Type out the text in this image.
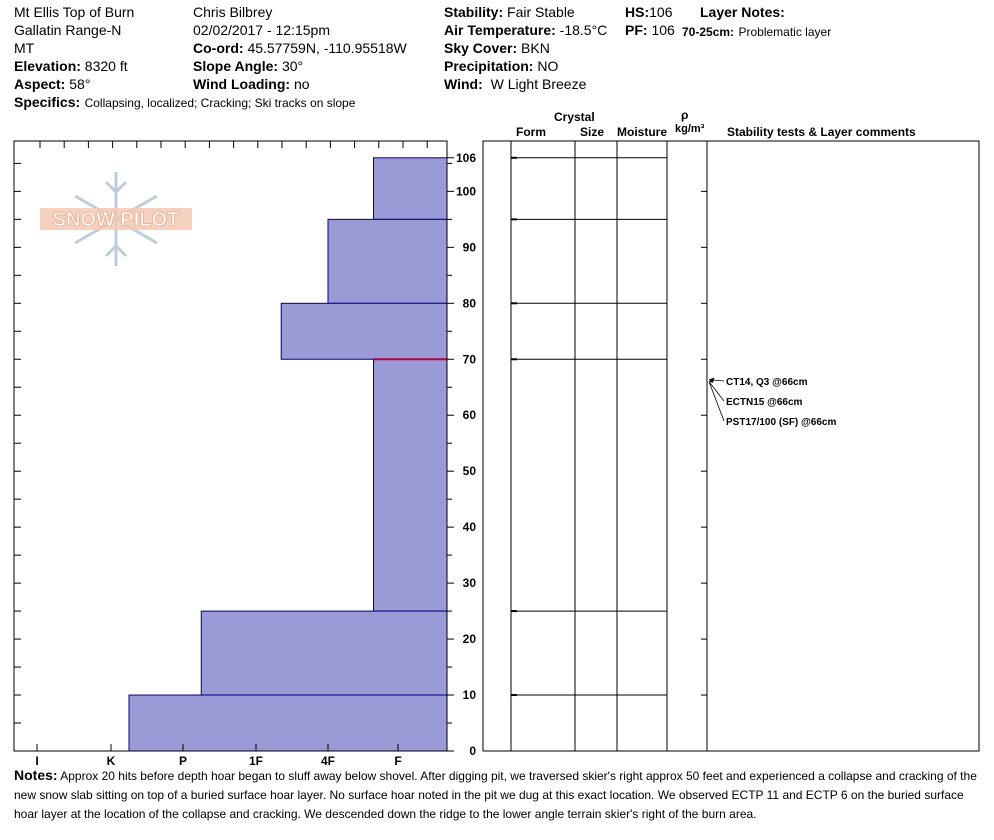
Mt Ellis Top of Burn
Gallatin Range-N
MT
Elevation: 8320 ft
Aspect: 58°
Specifics: Collapsing, localized; Cracking; Ski tracks on slope
Chris Bilbrey
02/02/2017 - 12:15pm
Co-ord: 45.57759N, -110.95518W
Slope Angle: 30°
Wind Loading: no
Stability: Fair Stable
Air Temperature: -18.5°C
Sky Cover: BKN
Precipitation: NO
Wind: W Light Breeze
HS:106
PF: 106
Layer Notes:
70-25cm: Problematic layer
Crystal
Form	Size Moisture
ρ
kg/m³ Stability tests & Layer comments
SNOW PILOT
I	K	P	1F	4F	F
0
10
20
30
40
50
60
70
80
90
100
106
CT14, Q3 @66cm
ECTN15 @66cm
PST17/100 (SF) @66cm
Notes: Approx 20 hits before depth hoar began to sluff away below shovel. After digging pit, we traversed skier's right approx 50 feet and experienced a collapse and cracking of the new snow slab sitting on top of a buried surface hoar layer. No surface hoar noted in the pit we dug at this exact location. We observed ECTP 11 and ECTP 6 on the buried surface hoar layer at the location of the collapse and cracking. We descended down the ridge to the lower angle terrain skier's right of the burn area.
